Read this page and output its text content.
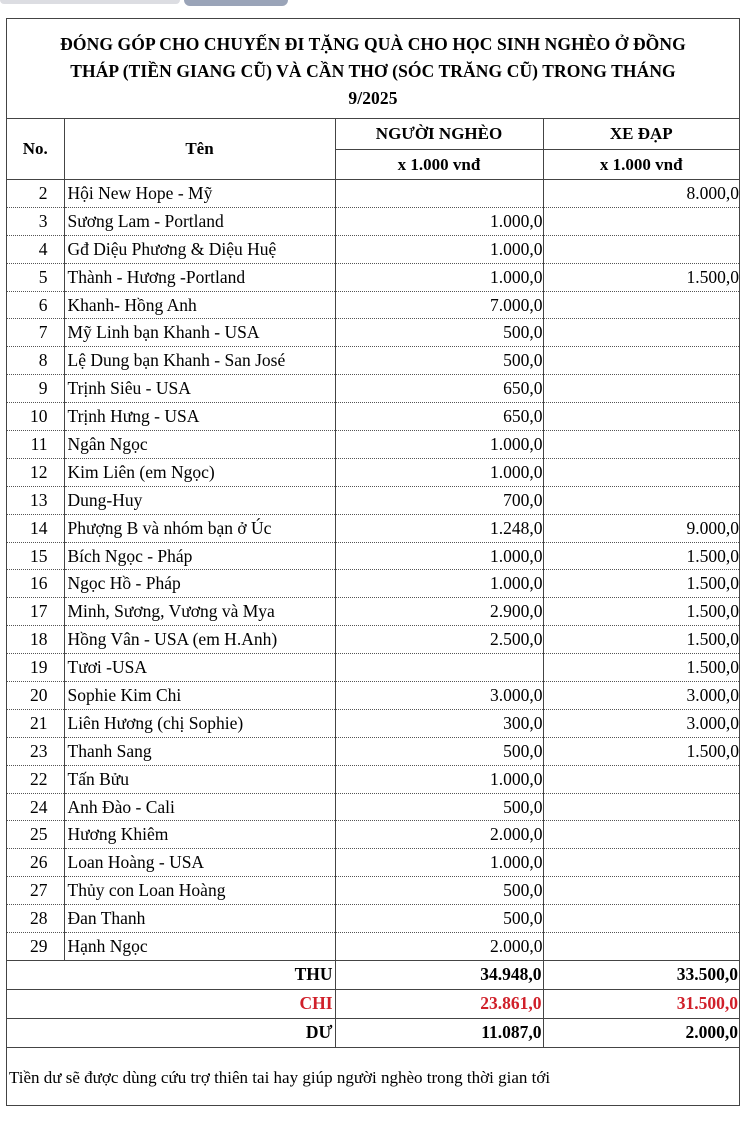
ĐÓNG GÓP CHO CHUYẾN ĐI TẶNG QUÀ CHO HỌC SINH NGHÈO Ở ĐỒNG
THÁP (TIỀN GIANG CŨ) VÀ CẦN THƠ (SÓC TRĂNG CŨ) TRONG THÁNG
9/2025
No.	Tên	NGƯỜI NGHÈO	XE ĐẠP
		x 1.000 vnđ	x 1.000 vnđ
2	Hội New Hope - Mỹ		8.000,0
3	Sương Lam - Portland	1.000,0	
4	Gđ Diệu Phương & Diệu Huệ	1.000,0	
5	Thành - Hương -Portland	1.000,0	1.500,0
6	Khanh- Hồng Anh	7.000,0	
7	Mỹ Linh bạn Khanh - USA	500,0	
8	Lệ Dung bạn Khanh - San José	500,0	
9	Trịnh Siêu - USA	650,0	
10	Trịnh Hưng - USA	650,0	
11	Ngân Ngọc	1.000,0	
12	Kim Liên (em Ngọc)	1.000,0	
13	Dung-Huy	700,0	
14	Phượng B và nhóm bạn ở Úc	1.248,0	9.000,0
15	Bích Ngọc - Pháp	1.000,0	1.500,0
16	Ngọc Hồ - Pháp	1.000,0	1.500,0
17	Minh, Sương, Vương và Mya	2.900,0	1.500,0
18	Hồng Vân - USA (em H.Anh)	2.500,0	1.500,0
19	Tươi -USA		1.500,0
20	Sophie Kim Chi	3.000,0	3.000,0
21	Liên Hương (chị Sophie)	300,0	3.000,0
23	Thanh Sang	500,0	1.500,0
22	Tấn Bửu	1.000,0	
24	Anh Đào - Cali	500,0	
25	Hương Khiêm	2.000,0	
26	Loan Hoàng - USA	1.000,0	
27	Thủy con Loan Hoàng	500,0	
28	Đan Thanh	500,0	
29	Hạnh Ngọc	2.000,0	
THU		34.948,0	33.500,0
CHI		23.861,0	31.500,0
DƯ		11.087,0	2.000,0
Tiền dư sẽ được dùng cứu trợ thiên tai hay giúp người nghèo trong thời gian tới
